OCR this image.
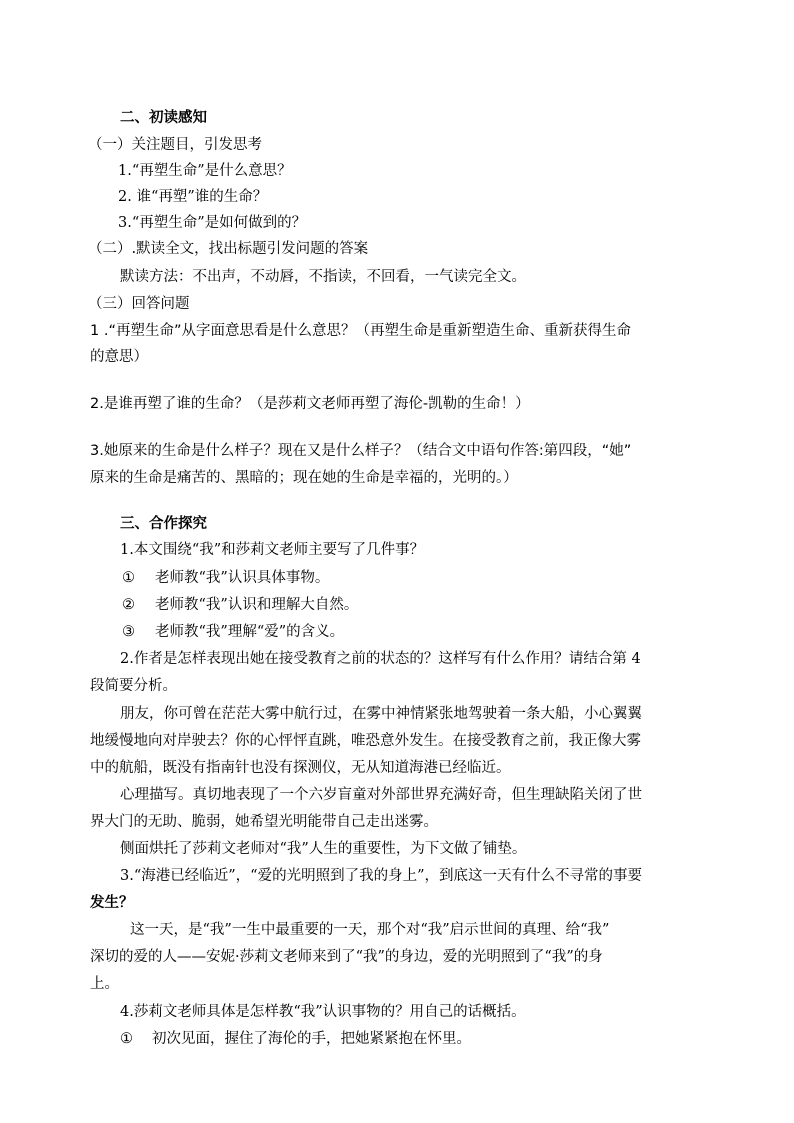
二、初读感知
（一）关注题目，引发思考
1.“再塑生命”是什么意思？
2. 谁“再塑”谁的生命？
3.“再塑生命”是如何做到的？
（二）.默读全文，找出标题引发问题的答案
默读方法：不出声，不动唇，不指读，不回看，一气读完全文。
（三）回答问题
1 .“再塑生命”从字面意思看是什么意思？（再塑生命是重新塑造生命、重新获得生命
的意思）
2.是谁再塑了谁的生命？（是莎莉文老师再塑了海伦-凯勒的生命！）
3.她原来的生命是什么样子？现在又是什么样子？（结合文中语句作答:第四段，“她”
原来的生命是痛苦的、黑暗的；现在她的生命是幸福的，光明的。）
三、合作探究
1.本文围绕“我”和莎莉文老师主要写了几件事？
① 老师教“我”认识具体事物。
② 老师教“我”认识和理解大自然。
③ 老师教“我”理解“爱”的含义。
2.作者是怎样表现出她在接受教育之前的状态的？这样写有什么作用？请结合第 4
段简要分析。
朋友，你可曾在茫茫大雾中航行过，在雾中神情紧张地驾驶着一条大船，小心翼翼
地缓慢地向对岸驶去？你的心怦怦直跳，唯恐意外发生。在接受教育之前，我正像大雾
中的航船，既没有指南针也没有探测仪，无从知道海港已经临近。
心理描写。真切地表现了一个六岁盲童对外部世界充满好奇，但生理缺陷关闭了世
界大门的无助、脆弱，她希望光明能带自己走出迷雾。
侧面烘托了莎莉文老师对“我”人生的重要性，为下文做了铺垫。
3.“海港已经临近”，“爱的光明照到了我的身上”，到底这一天有什么不寻常的事要
发生？
这一天，是“我”一生中最重要的一天，那个对“我”启示世间的真理、给“我”
深切的爱的人——安妮·莎莉文老师来到了“我”的身边，爱的光明照到了“我”的身
上。
4.莎莉文老师具体是怎样教“我”认识事物的？用自己的话概括。
① 初次见面，握住了海伦的手，把她紧紧抱在怀里。
